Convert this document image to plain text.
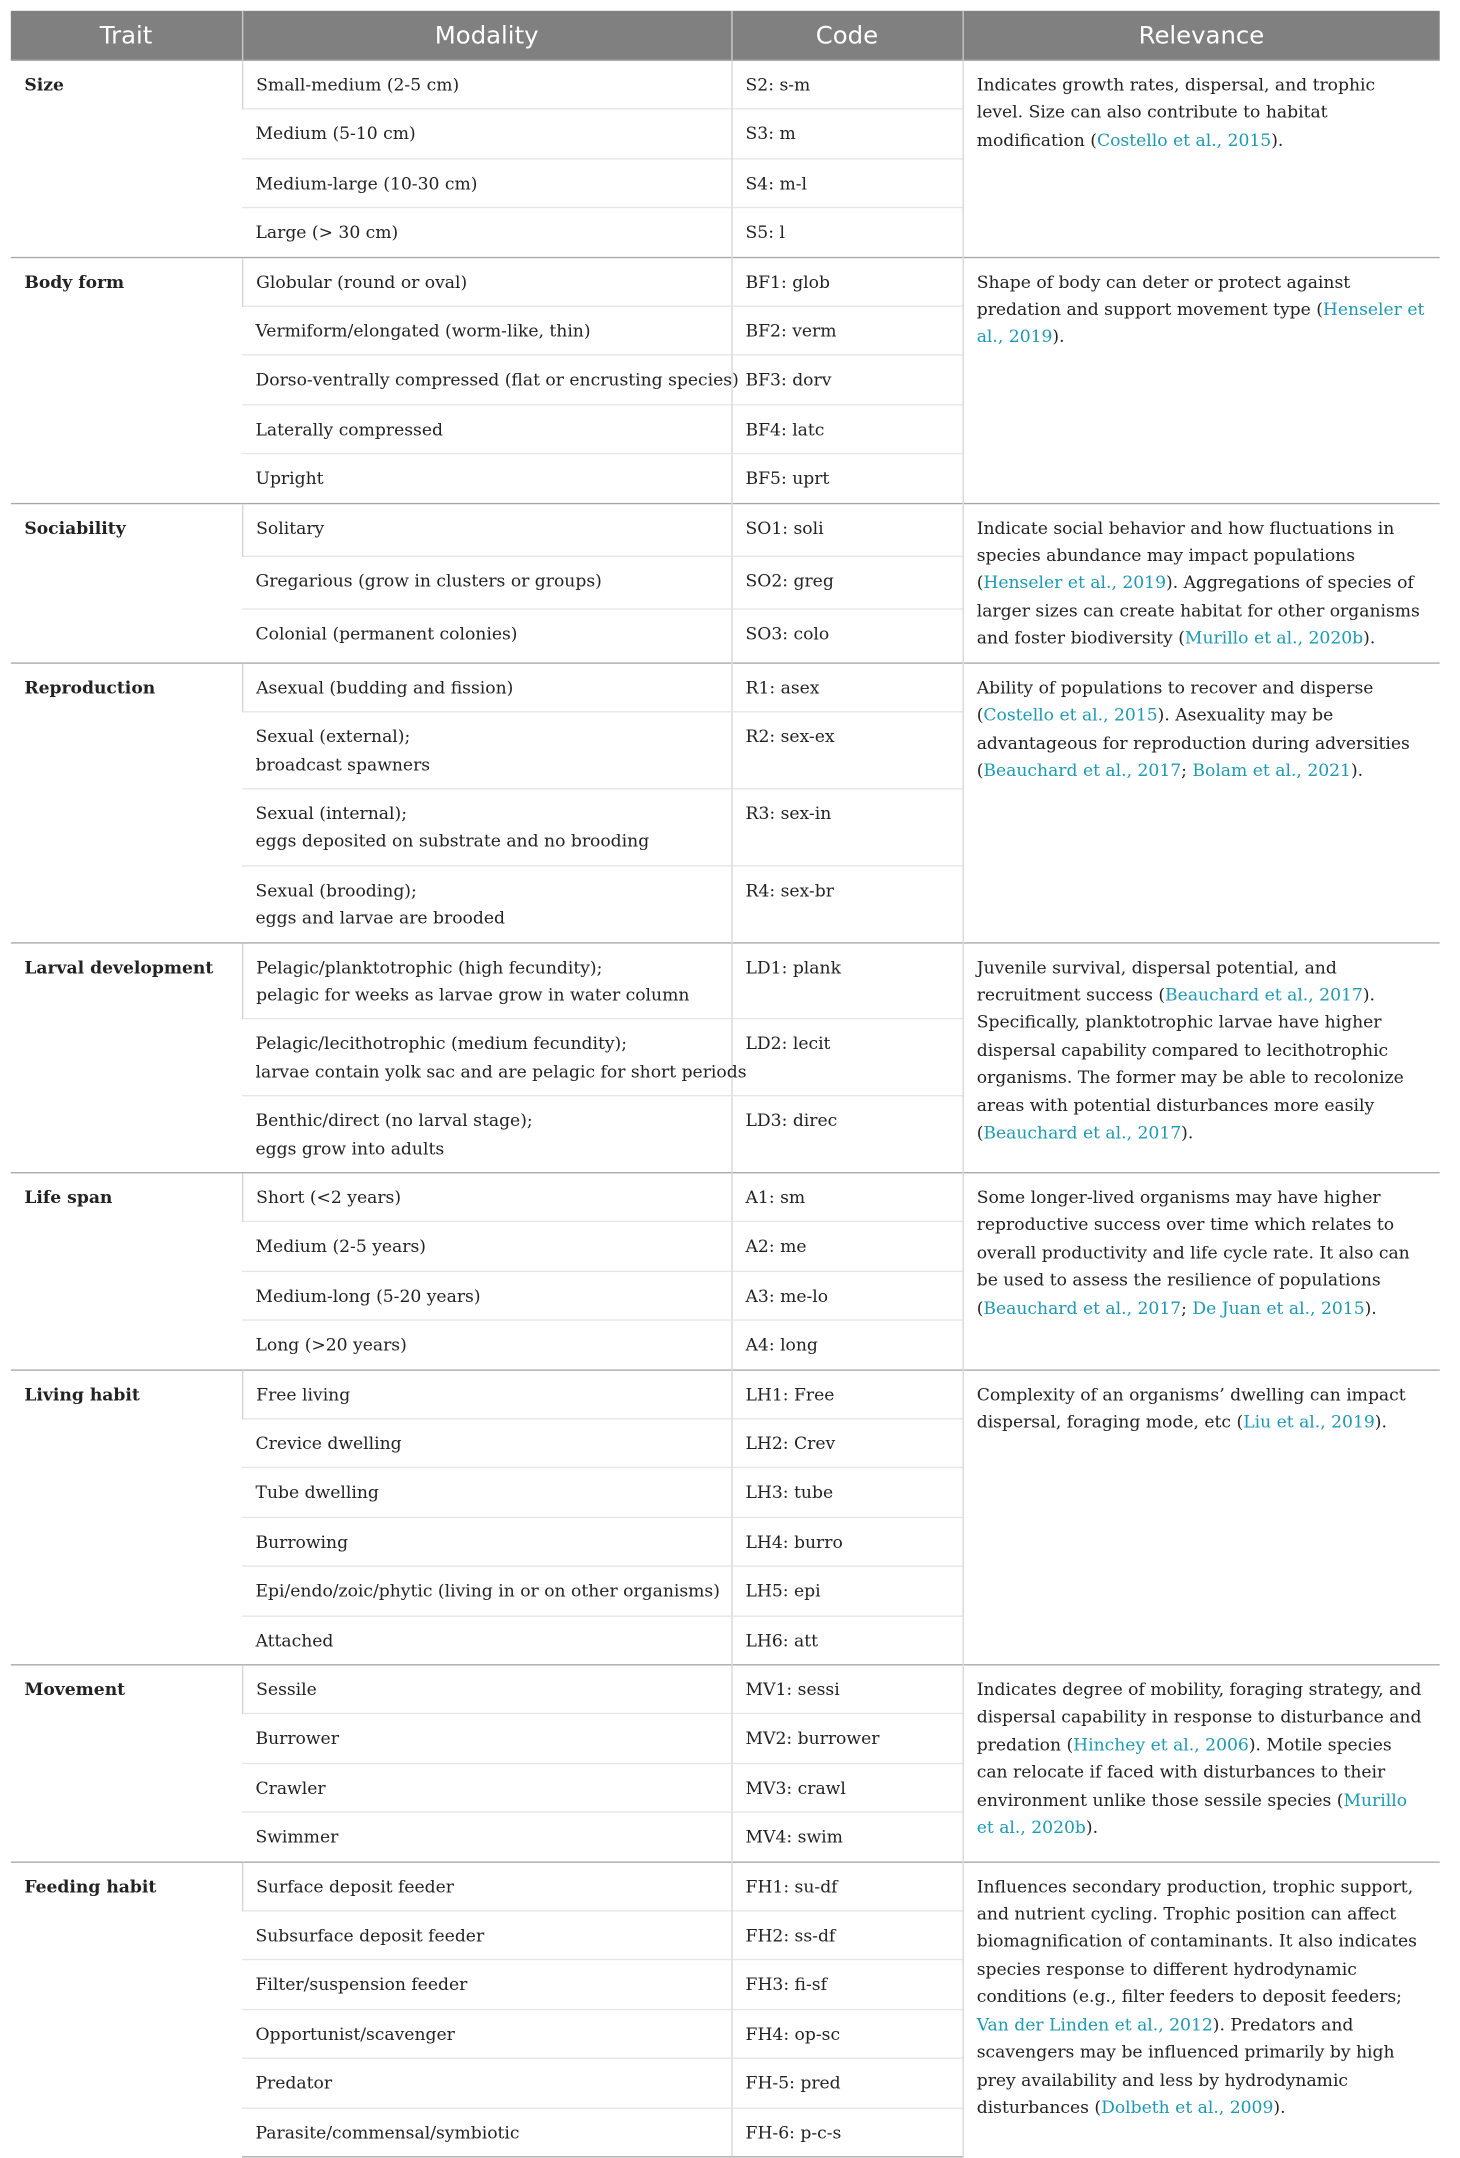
Trait	Modality	Code	Relevance
Size	Small-medium (2-5 cm)	S2: s-m	Indicates growth rates, dispersal, and trophic level. Size can also contribute to habitat modification (Costello et al., 2015).

	Medium (5-10 cm)	S3: m	

	Medium-large (10-30 cm)	S4: m-l	

	Large (> 30 cm)	S5: l	
Body form	Globular (round or oval)	BF1: glob	Shape of body can deter or protect against predation and support movement type (Henseler et al., 2019).

	Vermiform/elongated (worm-like, thin)	BF2: verm	

	Dorso-ventrally compressed (flat or encrusting species)	BF3: dorv	

	Laterally compressed	BF4: latc	

	Upright	BF5: uprt	
Sociability	Solitary	SO1: soli	Indicate social behavior and how fluctuations in species abundance may impact populations (Henseler et al., 2019). Aggregations of species of larger sizes can create habitat for other organisms and foster biodiversity (Murillo et al., 2020b).

	Gregarious (grow in clusters or groups)	SO2: greg	

	Colonial (permanent colonies)	SO3: colo	
Reproduction	Asexual (budding and fission)	R1: asex	Ability of populations to recover and disperse (Costello et al., 2015). Asexuality may be advantageous for reproduction during adversities (Beauchard et al., 2017; Bolam et al., 2021).

	Sexual (external);
broadcast spawners	R2: sex-ex	

	Sexual (internal);
eggs deposited on substrate and no brooding	R3: sex-in	

	Sexual (brooding);
eggs and larvae are brooded	R4: sex-br	
Larval development	Pelagic/planktotrophic (high fecundity);
pelagic for weeks as larvae grow in water column	LD1: plank	Juvenile survival, dispersal potential, and recruitment success (Beauchard et al., 2017). Specifically, planktotrophic larvae have higher dispersal capability compared to lecithotrophic organisms. The former may be able to recolonize areas with potential disturbances more easily (Beauchard et al., 2017).

	Pelagic/lecithotrophic (medium fecundity);
larvae contain yolk sac and are pelagic for short periods	LD2: lecit	

	Benthic/direct (no larval stage);
eggs grow into adults	LD3: direc	
Life span	Short (<2 years)	A1: sm	Some longer-lived organisms may have higher reproductive success over time which relates to overall productivity and life cycle rate. It also can be used to assess the resilience of populations (Beauchard et al., 2017; De Juan et al., 2015).

	Medium (2-5 years)	A2: me	

	Medium-long (5-20 years)	A3: me-lo	

	Long (>20 years)	A4: long	
Living habit	Free living	LH1: Free	Complexity of an organisms’ dwelling can impact dispersal, foraging mode, etc (Liu et al., 2019).

	Crevice dwelling	LH2: Crev	

	Tube dwelling	LH3: tube	

	Burrowing	LH4: burro	

	Epi/endo/zoic/phytic (living in or on other organisms)	LH5: epi	

	Attached	LH6: att	
Movement	Sessile	MV1: sessi	Indicates degree of mobility, foraging strategy, and dispersal capability in response to disturbance and predation (Hinchey et al., 2006). Motile species can relocate if faced with disturbances to their environment unlike those sessile species (Murillo et al., 2020b).

	Burrower	MV2: burrower	

	Crawler	MV3: crawl	

	Swimmer	MV4: swim	
Feeding habit	Surface deposit feeder	FH1: su-df	Influences secondary production, trophic support, and nutrient cycling. Trophic position can affect biomagnification of contaminants. It also indicates species response to different hydrodynamic conditions (e.g., filter feeders to deposit feeders; Van der Linden et al., 2012). Predators and scavengers may be influenced primarily by high prey availability and less by hydrodynamic disturbances (Dolbeth et al., 2009).

	Subsurface deposit feeder	FH2: ss-df	

	Filter/suspension feeder	FH3: fi-sf	

	Opportunist/scavenger	FH4: op-sc	

	Predator	FH-5: pred	

	Parasite/commensal/symbiotic	FH-6: p-c-s	
